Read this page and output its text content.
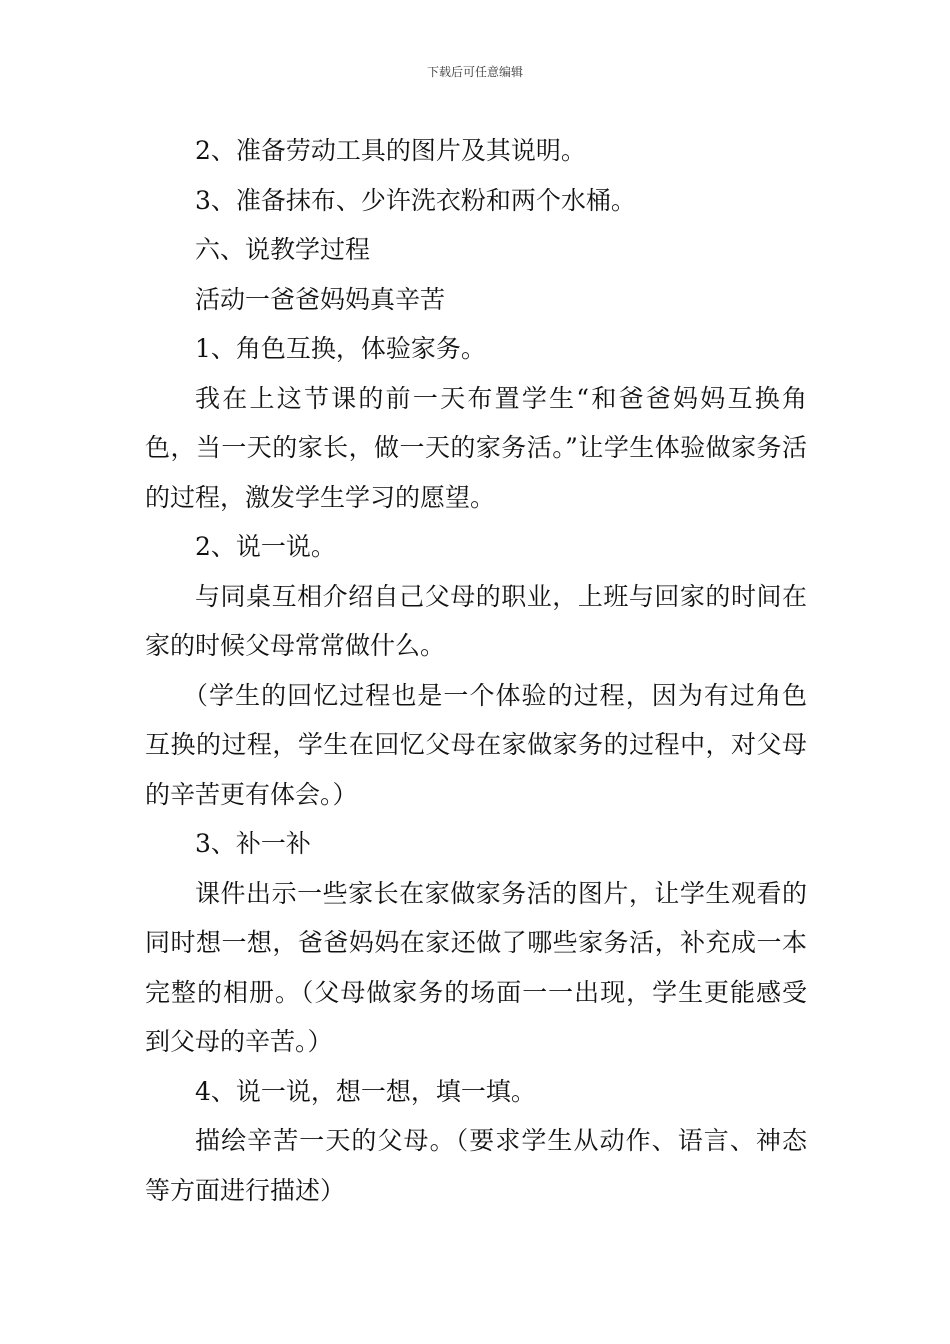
下载后可任意编辑

2、准备劳动工具的图片及其说明。

3、准备抹布、少许洗衣粉和两个水桶。

六、说教学过程

活动一爸爸妈妈真辛苦

1、角色互换，体验家务。

我在上这节课的前一天布置学生“和爸爸妈妈互换角色，当一天的家长，做一天的家务活。”让学生体验做家务活的过程，激发学生学习的愿望。

2、说一说。

与同桌互相介绍自己父母的职业，上班与回家的时间在家的时候父母常常做什么。

（学生的回忆过程也是一个体验的过程，因为有过角色互换的过程，学生在回忆父母在家做家务的过程中，对父母的辛苦更有体会。）

3、补一补

课件出示一些家长在家做家务活的图片，让学生观看的同时想一想，爸爸妈妈在家还做了哪些家务活，补充成一本完整的相册。（父母做家务的场面一一出现，学生更能感受到父母的辛苦。）

4、说一说，想一想，填一填。

描绘辛苦一天的父母。（要求学生从动作、语言、神态等方面进行描述）
